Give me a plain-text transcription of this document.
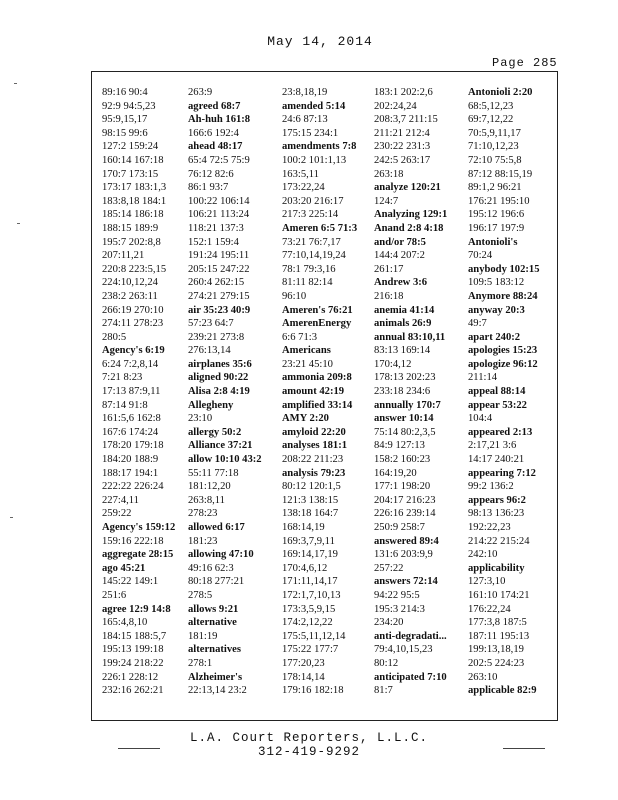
May 14, 2014
Page 285
89:16 90:4
92:9 94:5,23
95:9,15,17
98:15 99:6
127:2 159:24
160:14 167:18
170:7 173:15
173:17 183:1,3
183:8,18 184:1
185:14 186:18
188:15 189:9
195:7 202:8,8
207:11,21
220:8 223:5,15
224:10,12,24
238:2 263:11
266:19 270:10
274:11 278:23
280:5
Agency's 6:19
6:24 7:2,8,14
7:21 8:23
17:13 87:9,11
87:14 91:8
161:5,6 162:8
167:6 174:24
178:20 179:18
184:20 188:9
188:17 194:1
222:22 226:24
227:4,11
259:22
Agency's 159:12
159:16 222:18
aggregate 28:15
ago 45:21
145:22 149:1
251:6
agree 12:9 14:8
165:4,8,10
184:15 188:5,7
195:13 199:18
199:24 218:22
226:1 228:12
232:16 262:21
263:9
agreed 68:7
Ah-huh 161:8
166:6 192:4
ahead 48:17
65:4 72:5 75:9
76:12 82:6
86:1 93:7
100:22 106:14
106:21 113:24
118:21 137:3
152:1 159:4
191:24 195:11
205:15 247:22
260:4 262:15
274:21 279:15
air 35:23 40:9
57:23 64:7
239:21 273:8
276:13,14
airplanes 35:6
aligned 90:22
Alisa 2:8 4:19
Allegheny
23:10
allergy 50:2
Alliance 37:21
allow 10:10 43:2
55:11 77:18
181:12,20
263:8,11
278:23
allowed 6:17
181:23
allowing 47:10
49:16 62:3
80:18 277:21
278:5
allows 9:21
alternative
181:19
alternatives
278:1
Alzheimer's
22:13,14 23:2
23:8,18,19
amended 5:14
24:6 87:13
175:15 234:1
amendments 7:8
100:2 101:1,13
163:5,11
173:22,24
203:20 216:17
217:3 225:14
Ameren 6:5 71:3
73:21 76:7,17
77:10,14,19,24
78:1 79:3,16
81:11 82:14
96:10
Ameren's 76:21
AmerenEnergy
6:6 71:3
Americans
23:21 45:10
ammonia 209:8
amount 42:19
amplified 33:14
AMY 2:20
amyloid 22:20
analyses 181:1
208:22 211:23
analysis 79:23
80:12 120:1,5
121:3 138:15
138:18 164:7
168:14,19
169:3,7,9,11
169:14,17,19
170:4,6,12
171:11,14,17
172:1,7,10,13
173:3,5,9,15
174:2,12,22
175:5,11,12,14
175:22 177:7
177:20,23
178:14,14
179:16 182:18
183:1 202:2,6
202:24,24
208:3,7 211:15
211:21 212:4
230:22 231:3
242:5 263:17
263:18
analyze 120:21
124:7
Analyzing 129:1
Anand 2:8 4:18
and/or 78:5
144:4 207:2
261:17
Andrew 3:6
216:18
anemia 41:14
animals 26:9
annual 83:10,11
83:13 169:14
170:4,12
178:13 202:23
233:18 234:6
annually 170:7
answer 10:14
75:14 80:2,3,5
84:9 127:13
158:2 160:23
164:19,20
177:1 198:20
204:17 216:23
226:16 239:14
250:9 258:7
answered 89:4
131:6 203:9,9
257:22
answers 72:14
94:22 95:5
195:3 214:3
234:20
anti-degradati...
79:4,10,15,23
80:12
anticipated 7:10
81:7
Antonioli 2:20
68:5,12,23
69:7,12,22
70:5,9,11,17
71:10,12,23
72:10 75:5,8
87:12 88:15,19
89:1,2 96:21
176:21 195:10
195:12 196:6
196:17 197:9
Antonioli's
70:24
anybody 102:15
109:5 183:12
Anymore 88:24
anyway 20:3
49:7
apart 240:2
apologies 15:23
apologize 96:12
211:14
appeal 88:14
appear 53:22
104:4
appeared 2:13
2:17,21 3:6
14:17 240:21
appearing 7:12
99:2 136:2
appears 96:2
98:13 136:23
192:22,23
214:22 215:24
242:10
applicability
127:3,10
161:10 174:21
176:22,24
177:3,8 187:5
187:11 195:13
199:13,18,19
202:5 224:23
263:10
applicable 82:9
L.A. Court Reporters, L.L.C.
312-419-9292
